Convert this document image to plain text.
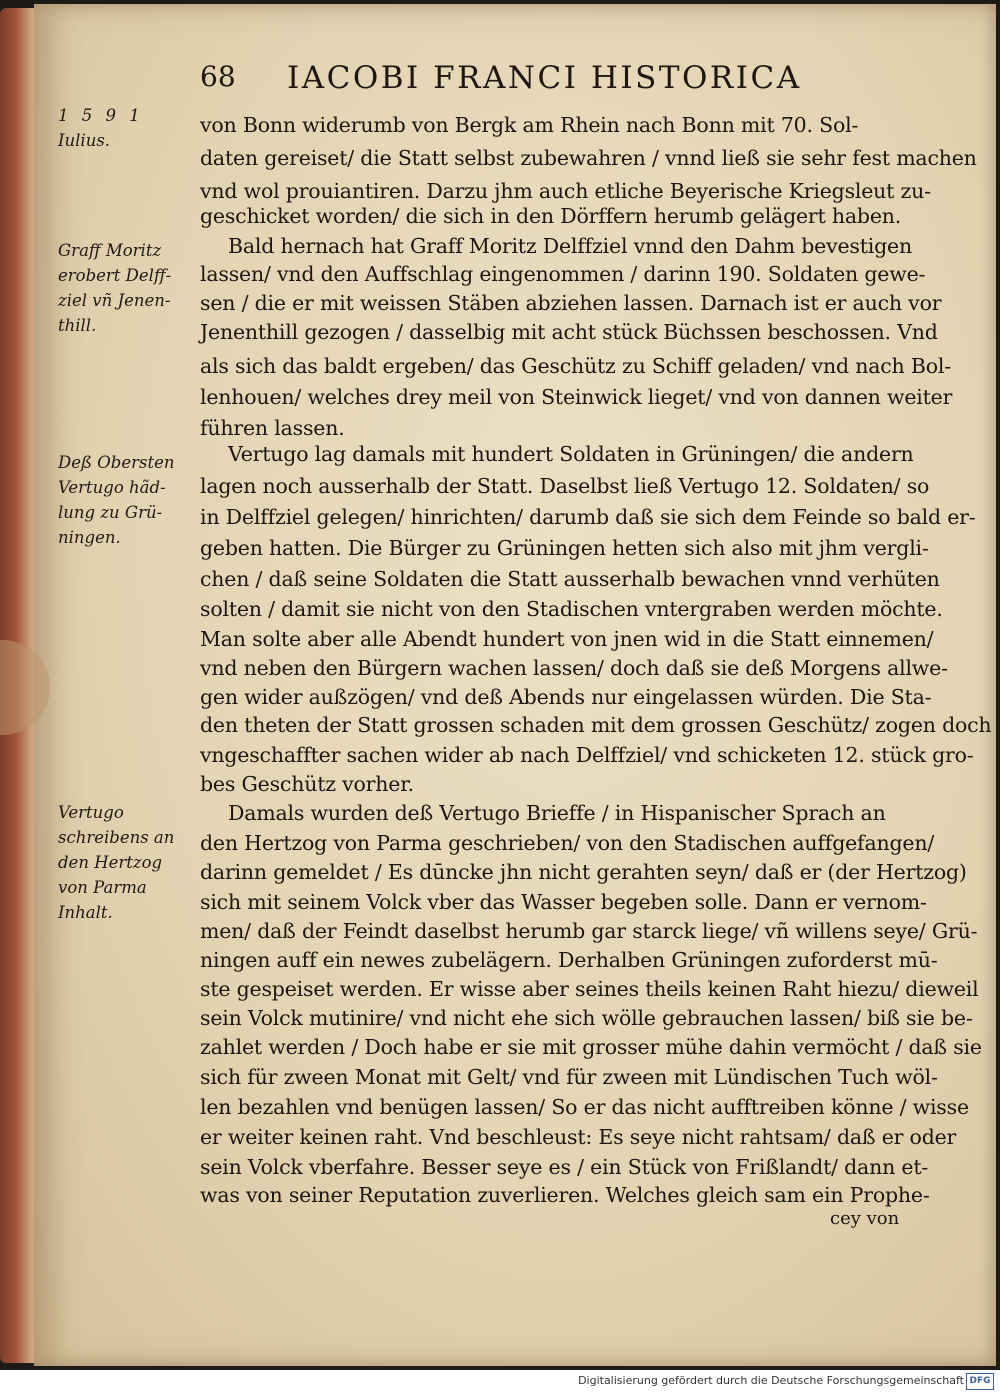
68 IACOBI FRANCI HISTORICA
1 5 9 1
Iulius.
Graff Moritz
erobert Delff-
ziel vñ Jenen-
thill.
Deß Obersten
Vertugo hãd-
lung zu Grü-
ningen.
Vertugo
schreibens an
den Hertzog
von Parma
Inhalt.
von Bonn widerumb von Bergk am Rhein nach Bonn mit 70. Sol-
daten gereiset/ die Statt selbst zubewahren / vnnd ließ sie sehr fest machen
vnd wol prouiantiren. Darzu jhm auch etliche Beyerische Kriegsleut zu-
geschicket worden/ die sich in den Dörffern herumb gelägert haben.
Bald hernach hat Graff Moritz Delffziel vnnd den Dahm bevestigen
lassen/ vnd den Auffschlag eingenommen / darinn 190. Soldaten gewe-
sen / die er mit weissen Stäben abziehen lassen. Darnach ist er auch vor
Jenenthill gezogen / dasselbig mit acht stück Büchssen beschossen. Vnd
als sich das baldt ergeben/ das Geschütz zu Schiff geladen/ vnd nach Bol-
lenhouen/ welches drey meil von Steinwick lieget/ vnd von dannen weiter
führen lassen.
Vertugo lag damals mit hundert Soldaten in Grüningen/ die andern
lagen noch ausserhalb der Statt. Daselbst ließ Vertugo 12. Soldaten/ so
in Delffziel gelegen/ hinrichten/ darumb daß sie sich dem Feinde so bald er-
geben hatten. Die Bürger zu Grüningen hetten sich also mit jhm vergli-
chen / daß seine Soldaten die Statt ausserhalb bewachen vnnd verhüten
solten / damit sie nicht von den Stadischen vntergraben werden möchte.
Man solte aber alle Abendt hundert von jnen wid in die Statt einnemen/
vnd neben den Bürgern wachen lassen/ doch daß sie deß Morgens allwe-
gen wider außzögen/ vnd deß Abends nur eingelassen würden. Die Sta-
den theten der Statt grossen schaden mit dem grossen Geschütz/ zogen doch
vngeschaffter sachen wider ab nach Delffziel/ vnd schicketen 12. stück gro-
bes Geschütz vorher.
Damals wurden deß Vertugo Brieffe / in Hispanischer Sprach an
den Hertzog von Parma geschrieben/ von den Stadischen auffgefangen/
darinn gemeldet / Es dūncke jhn nicht gerahten seyn/ daß er (der Hertzog)
sich mit seinem Volck vber das Wasser begeben solle. Dann er vernom-
men/ daß der Feindt daselbst herumb gar starck liege/ vñ willens seye/ Grü-
ningen auff ein newes zubelägern. Derhalben Grüningen zuforderst mū-
ste gespeiset werden. Er wisse aber seines theils keinen Raht hiezu/ dieweil
sein Volck mutinire/ vnd nicht ehe sich wölle gebrauchen lassen/ biß sie be-
zahlet werden / Doch habe er sie mit grosser mühe dahin vermöcht / daß sie
sich für zween Monat mit Gelt/ vnd für zween mit Lündischen Tuch wöl-
len bezahlen vnd benügen lassen/ So er das nicht aufftreiben könne / wisse
er weiter keinen raht. Vnd beschleust: Es seye nicht rahtsam/ daß er oder
sein Volck vberfahre. Besser seye es / ein Stück von Frißlandt/ dann et-
was von seiner Reputation zuverlieren. Welches gleich sam ein Prophe-
cey von
Digitalisierung gefördert durch die Deutsche Forschungsgemeinschaft DFG
